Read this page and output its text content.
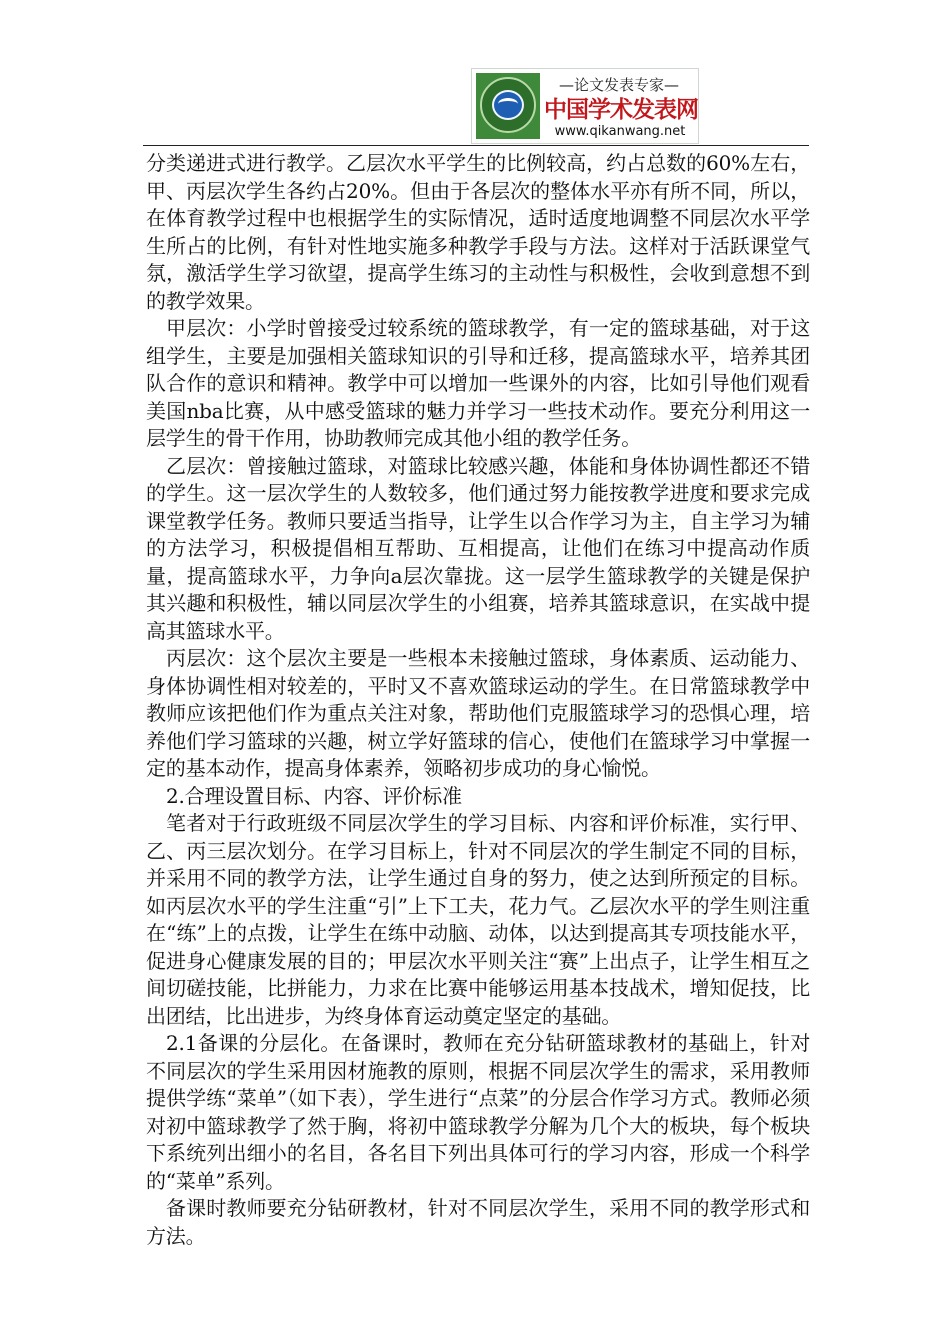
—论文发表专家—
中国学术发表网
www.qikanwang.net

分类递进式进行教学。乙层次水平学生的比例较高，约占总数的60%左右，甲、丙层次学生各约占20%。但由于各层次的整体水平亦有所不同，所以，在体育教学过程中也根据学生的实际情况，适时适度地调整不同层次水平学生所占的比例，有针对性地实施多种教学手段与方法。这样对于活跃课堂气氛，激活学生学习欲望，提高学生练习的主动性与积极性，会收到意想不到的教学效果。

甲层次：小学时曾接受过较系统的篮球教学，有一定的篮球基础，对于这组学生，主要是加强相关篮球知识的引导和迁移，提高篮球水平，培养其团队合作的意识和精神。教学中可以增加一些课外的内容，比如引导他们观看美国nba比赛，从中感受篮球的魅力并学习一些技术动作。要充分利用这一层学生的骨干作用，协助教师完成其他小组的教学任务。

乙层次：曾接触过篮球，对篮球比较感兴趣，体能和身体协调性都还不错的学生。这一层次学生的人数较多，他们通过努力能按教学进度和要求完成课堂教学任务。教师只要适当指导，让学生以合作学习为主，自主学习为辅的方法学习，积极提倡相互帮助、互相提高，让他们在练习中提高动作质量，提高篮球水平，力争向a层次靠拢。这一层学生篮球教学的关键是保护其兴趣和积极性，辅以同层次学生的小组赛，培养其篮球意识，在实战中提高其篮球水平。

丙层次：这个层次主要是一些根本未接触过篮球，身体素质、运动能力、身体协调性相对较差的，平时又不喜欢篮球运动的学生。在日常篮球教学中教师应该把他们作为重点关注对象，帮助他们克服篮球学习的恐惧心理，培养他们学习篮球的兴趣，树立学好篮球的信心，使他们在篮球学习中掌握一定的基本动作，提高身体素养，领略初步成功的身心愉悦。

2.合理设置目标、内容、评价标准

笔者对于行政班级不同层次学生的学习目标、内容和评价标准，实行甲、乙、丙三层次划分。在学习目标上，针对不同层次的学生制定不同的目标，并采用不同的教学方法，让学生通过自身的努力，使之达到所预定的目标。如丙层次水平的学生注重“引”上下工夫，花力气。乙层次水平的学生则注重在“练”上的点拨，让学生在练中动脑、动体，以达到提高其专项技能水平，促进身心健康发展的目的；甲层次水平则关注“赛”上出点子，让学生相互之间切磋技能，比拼能力，力求在比赛中能够运用基本技战术，增知促技，比出团结，比出进步，为终身体育运动奠定坚定的基础。

2.1备课的分层化。在备课时，教师在充分钻研篮球教材的基础上，针对不同层次的学生采用因材施教的原则，根据不同层次学生的需求，采用教师提供学练“菜单”（如下表），学生进行“点菜”的分层合作学习方式。教师必须对初中篮球教学了然于胸，将初中篮球教学分解为几个大的板块，每个板块下系统列出细小的名目，各名目下列出具体可行的学习内容，形成一个科学的“菜单”系列。

备课时教师要充分钻研教材，针对不同层次学生，采用不同的教学形式和方法。
